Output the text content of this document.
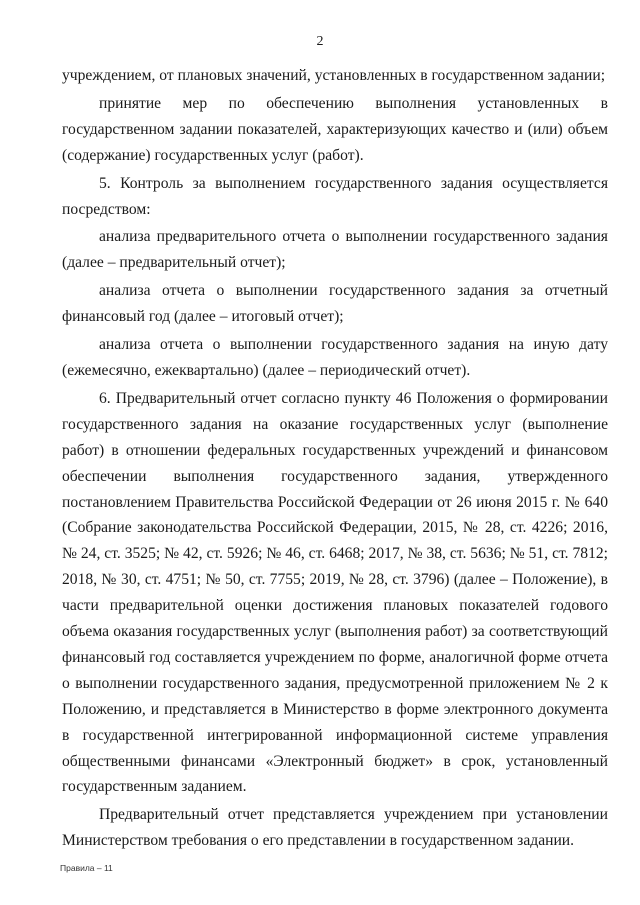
2

учреждением, от плановых значений, установленных в государственном задании;

принятие мер по обеспечению выполнения установленных в государственном задании показателей, характеризующих качество и (или) объем (содержание) государственных услуг (работ).

5. Контроль за выполнением государственного задания осуществляется посредством:

анализа предварительного отчета о выполнении государственного задания (далее – предварительный отчет);

анализа отчета о выполнении государственного задания за отчетный финансовый год (далее – итоговый отчет);

анализа отчета о выполнении государственного задания на иную дату (ежемесячно, ежеквартально) (далее – периодический отчет).

6. Предварительный отчет согласно пункту 46 Положения о формировании государственного задания на оказание государственных услуг (выполнение работ) в отношении федеральных государственных учреждений и финансовом обеспечении выполнения государственного задания, утвержденного постановлением Правительства Российской Федерации от 26 июня 2015 г. № 640 (Собрание законодательства Российской Федерации, 2015, № 28, ст. 4226; 2016, № 24, ст. 3525; № 42, ст. 5926; № 46, ст. 6468; 2017, № 38, ст. 5636; № 51, ст. 7812; 2018, № 30, ст. 4751; № 50, ст. 7755; 2019, № 28, ст. 3796) (далее – Положение), в части предварительной оценки достижения плановых показателей годового объема оказания государственных услуг (выполнения работ) за соответствующий финансовый год составляется учреждением по форме, аналогичной форме отчета о выполнении государственного задания, предусмотренной приложением № 2 к Положению, и представляется в Министерство в форме электронного документа в государственной интегрированной информационной системе управления общественными финансами «Электронный бюджет» в срок, установленный государственным заданием.

Предварительный отчет представляется учреждением при установлении Министерством требования о его представлении в государственном задании.

Правила – 11
